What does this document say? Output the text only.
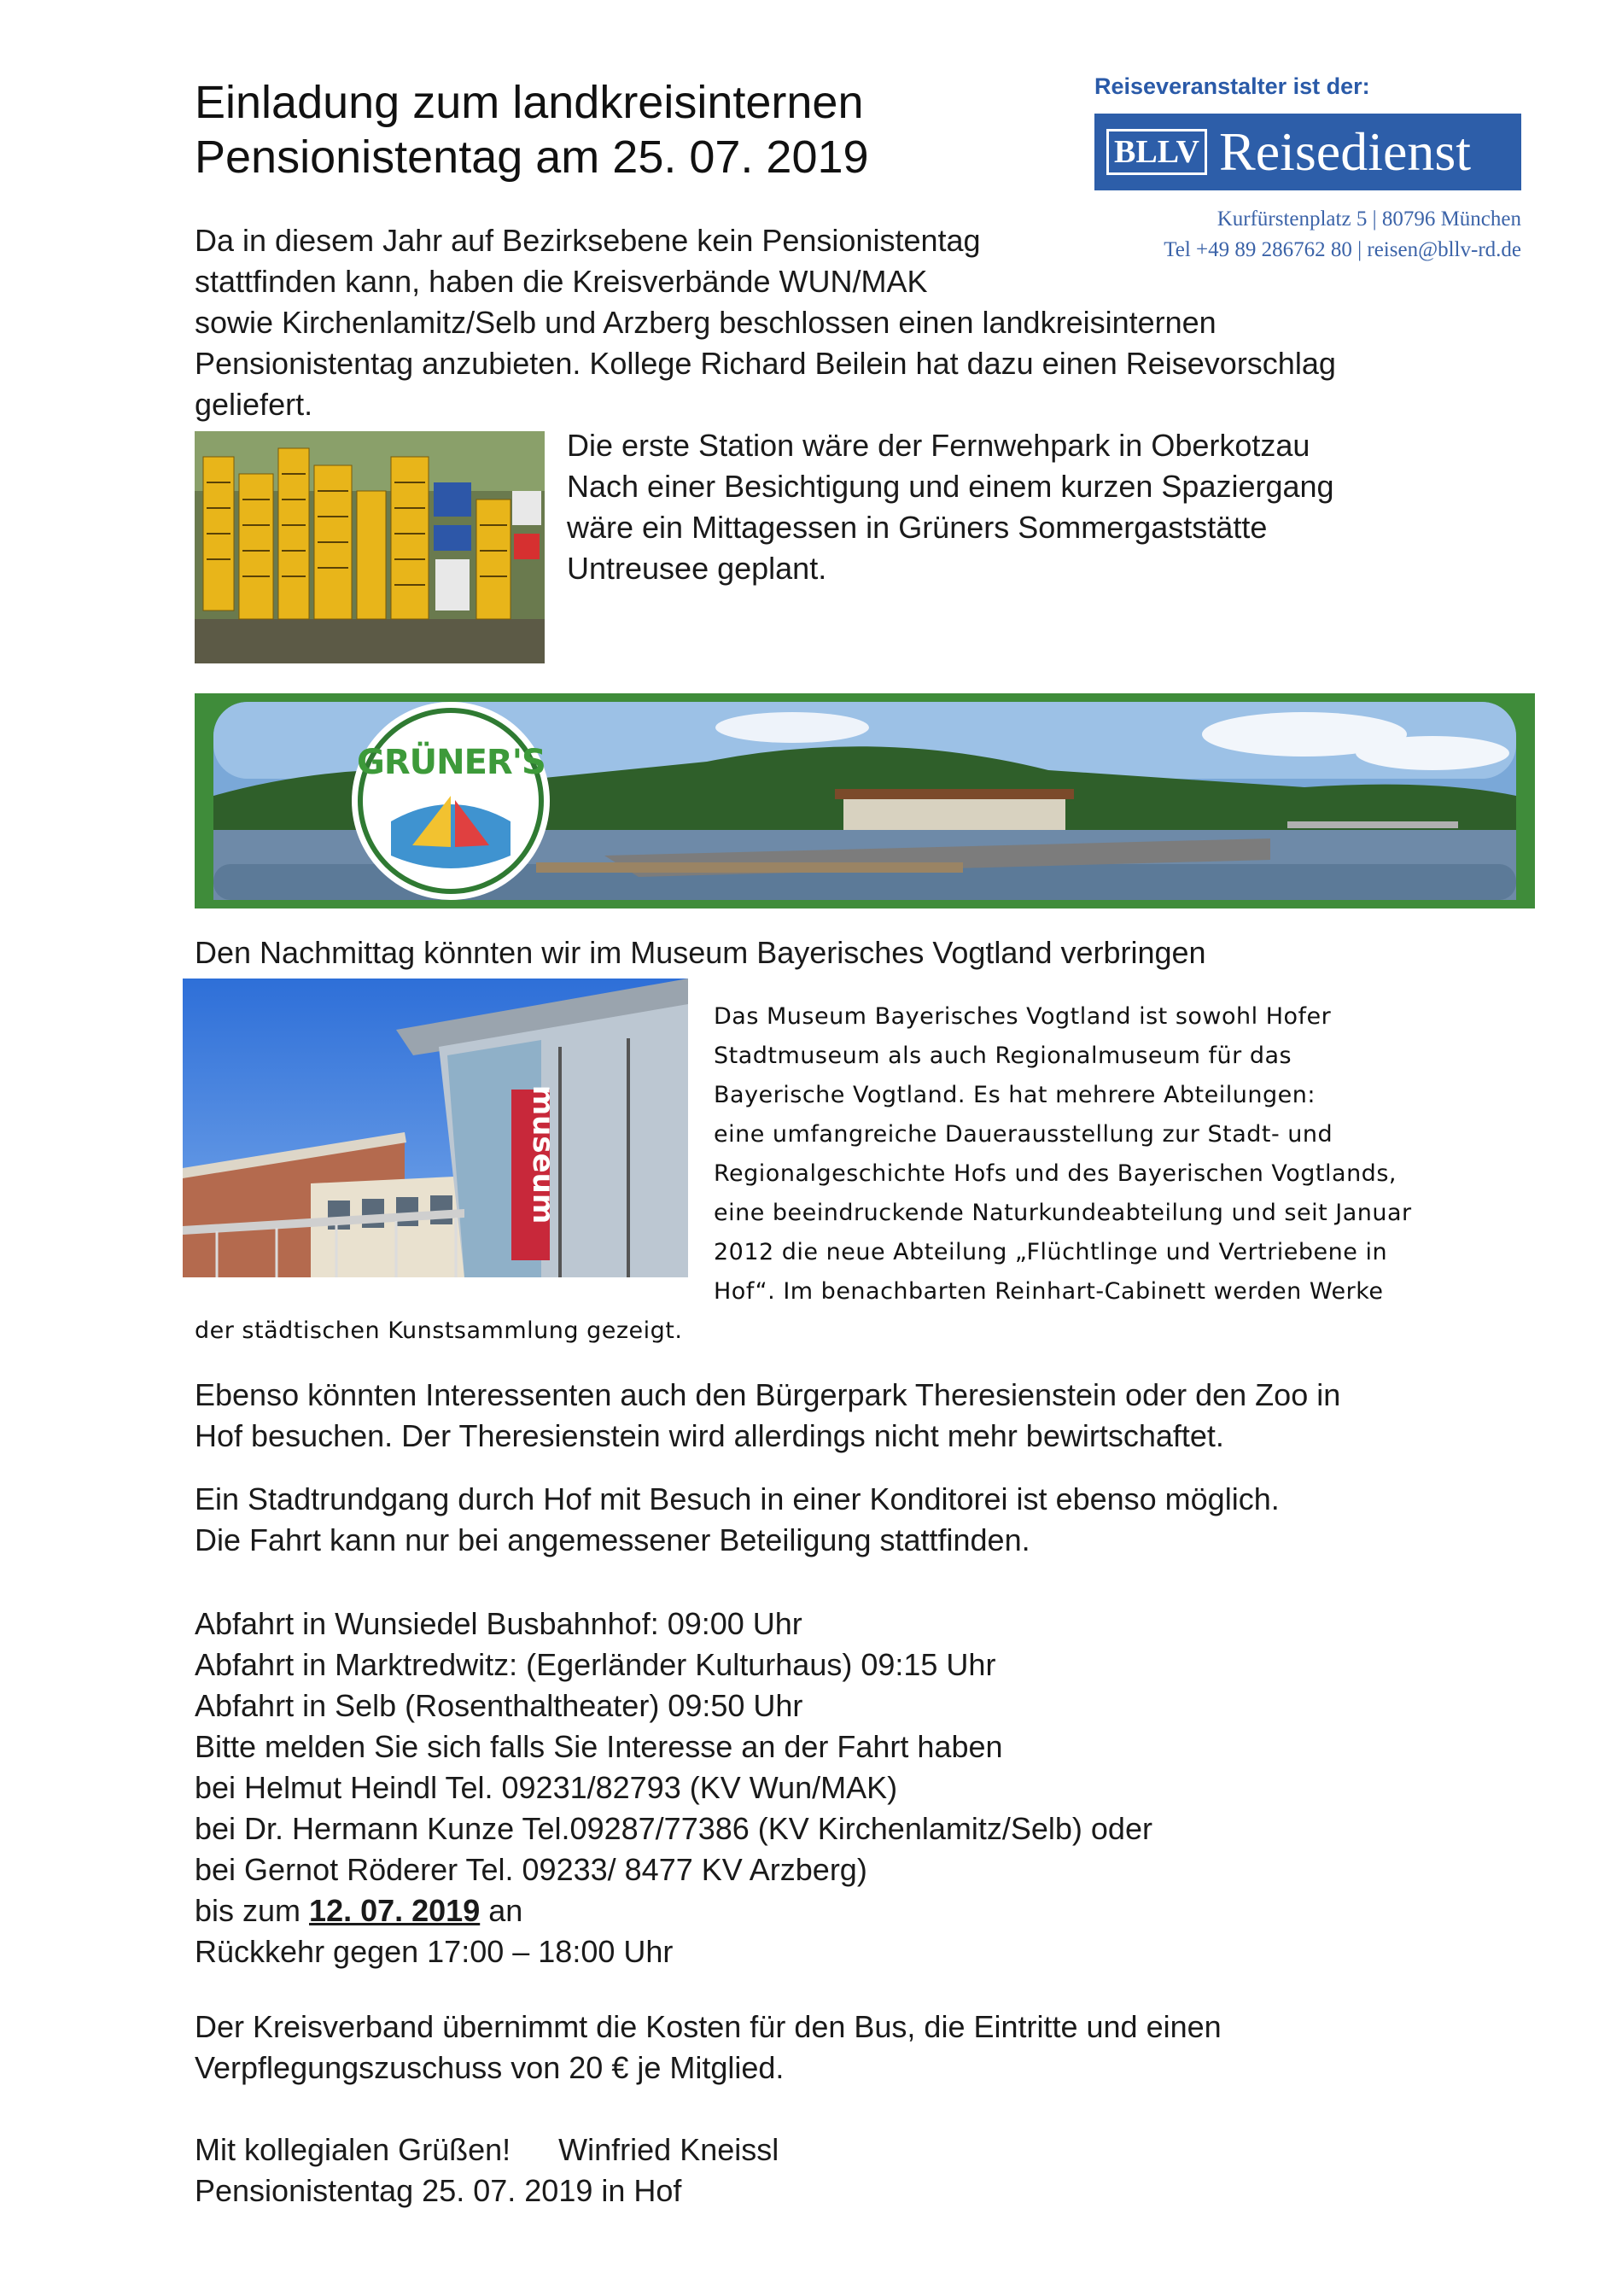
Einladung zum landkreisinternen
Pensionistentag am 25. 07. 2019
Reiseveranstalter ist der:
BLLV Reisedienst
Kurfürstenplatz 5 | 80796 München
Tel +49 89 286762 80 | reisen@bllv-rd.de
Da in diesem Jahr auf Bezirksebene kein Pensionistentag
stattfinden kann, haben die Kreisverbände WUN/MAK
sowie Kirchenlamitz/Selb und Arzberg beschlossen einen landkreisinternen
Pensionistentag anzubieten. Kollege Richard Beilein hat dazu einen Reisevorschlag
geliefert.
Die erste Station wäre der Fernwehpark in Oberkotzau
Nach einer Besichtigung und einem kurzen Spaziergang
wäre ein Mittagessen in Grüners Sommergaststätte
Untreusee geplant.
GRÜNER'S
Den Nachmittag könnten wir im Museum Bayerisches Vogtland verbringen
museum
Das Museum Bayerisches Vogtland ist sowohl Hofer
Stadtmuseum als auch Regionalmuseum für das
Bayerische Vogtland. Es hat mehrere Abteilungen:
eine umfangreiche Dauerausstellung zur Stadt- und
Regionalgeschichte Hofs und des Bayerischen Vogtlands,
eine beeindruckende Naturkundeabteilung und seit Januar
2012 die neue Abteilung „Flüchtlinge und Vertriebene in
Hof“. Im benachbarten Reinhart-Cabinett werden Werke
der städtischen Kunstsammlung gezeigt.
Ebenso könnten Interessenten auch den Bürgerpark Theresienstein oder den Zoo in
Hof besuchen. Der Theresienstein wird allerdings nicht mehr bewirtschaftet.
Ein Stadtrundgang durch Hof mit Besuch in einer Konditorei ist ebenso möglich.
Die Fahrt kann nur bei angemessener Beteiligung stattfinden.
Abfahrt in Wunsiedel Busbahnhof: 09:00 Uhr
Abfahrt in Marktredwitz: (Egerländer Kulturhaus) 09:15 Uhr
Abfahrt in Selb (Rosenthaltheater) 09:50 Uhr
Bitte melden Sie sich falls Sie Interesse an der Fahrt haben
bei Helmut Heindl Tel. 09231/82793 (KV Wun/MAK)
bei Dr. Hermann Kunze Tel.09287/77386 (KV Kirchenlamitz/Selb) oder
bei Gernot Röderer Tel. 09233/ 8477 KV Arzberg)
bis zum 12. 07. 2019 an
Rückkehr gegen 17:00 – 18:00 Uhr
Der Kreisverband übernimmt die Kosten für den Bus, die Eintritte und einen
Verpflegungszuschuss von 20 € je Mitglied.
Mit kollegialen Grüßen! Winfried Kneissl
Pensionistentag 25. 07. 2019 in Hof
